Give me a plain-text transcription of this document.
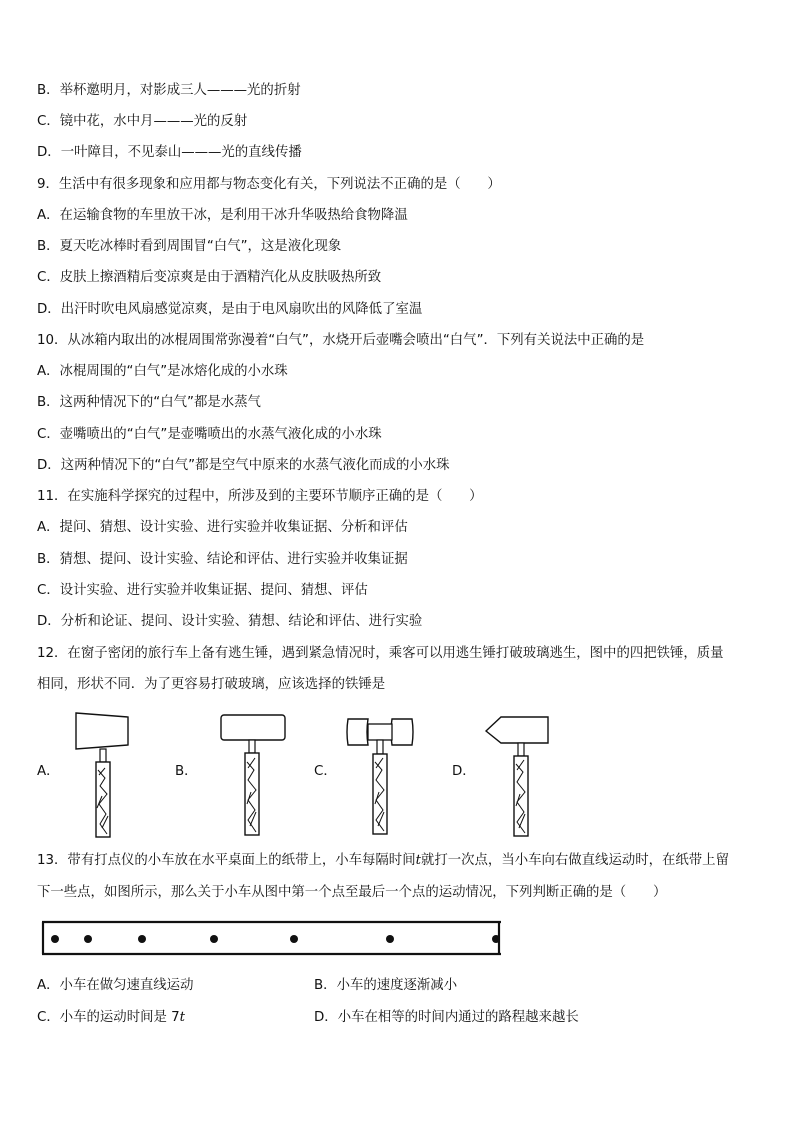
B．举杯邀明月，对影成三人———光的折射
C．镜中花，水中月———光的反射
D．一叶障目，不见泰山———光的直线传播
9．生活中有很多现象和应用都与物态变化有关，下列说法不正确的是（　　）
A．在运输食物的车里放干冰，是利用干冰升华吸热给食物降温
B．夏天吃冰棒时看到周围冒“白气”，这是液化现象
C．皮肤上擦酒精后变凉爽是由于酒精汽化从皮肤吸热所致
D．出汗时吹电风扇感觉凉爽，是由于电风扇吹出的风降低了室温
10．从冰箱内取出的冰棍周围常弥漫着“白气”，水烧开后壶嘴会喷出“白气”．下列有关说法中正确的是
A．冰棍周围的“白气”是冰熔化成的小水珠
B．这两种情况下的“白气”都是水蒸气
C．壶嘴喷出的“白气”是壶嘴喷出的水蒸气液化成的小水珠
D．这两种情况下的“白气”都是空气中原来的水蒸气液化而成的小水珠
11．在实施科学探究的过程中，所涉及到的主要环节顺序正确的是（　　）
A．提问、猜想、设计实验、进行实验并收集证据、分析和评估
B．猜想、提问、设计实验、结论和评估、进行实验并收集证据
C．设计实验、进行实验并收集证据、提问、猜想、评估
D．分析和论证、提问、设计实验、猜想、结论和评估、进行实验
12．在窗子密闭的旅行车上备有逃生锤，遇到紧急情况时，乘客可以用逃生锤打破玻璃逃生，图中的四把铁锤，质量
相同，形状不同．为了更容易打破玻璃，应该选择的铁锤是
A．	B．	C．	D．
13．带有打点仪的小车放在水平桌面上的纸带上，小车每隔时间t就打一次点，当小车向右做直线运动时，在纸带上留
下一些点，如图所示，那么关于小车从图中第一个点至最后一个点的运动情况，下列判断正确的是（　　）
A．小车在做匀速直线运动	B．小车的速度逐渐减小
C．小车的运动时间是 7t	D．小车在相等的时间内通过的路程越来越长
